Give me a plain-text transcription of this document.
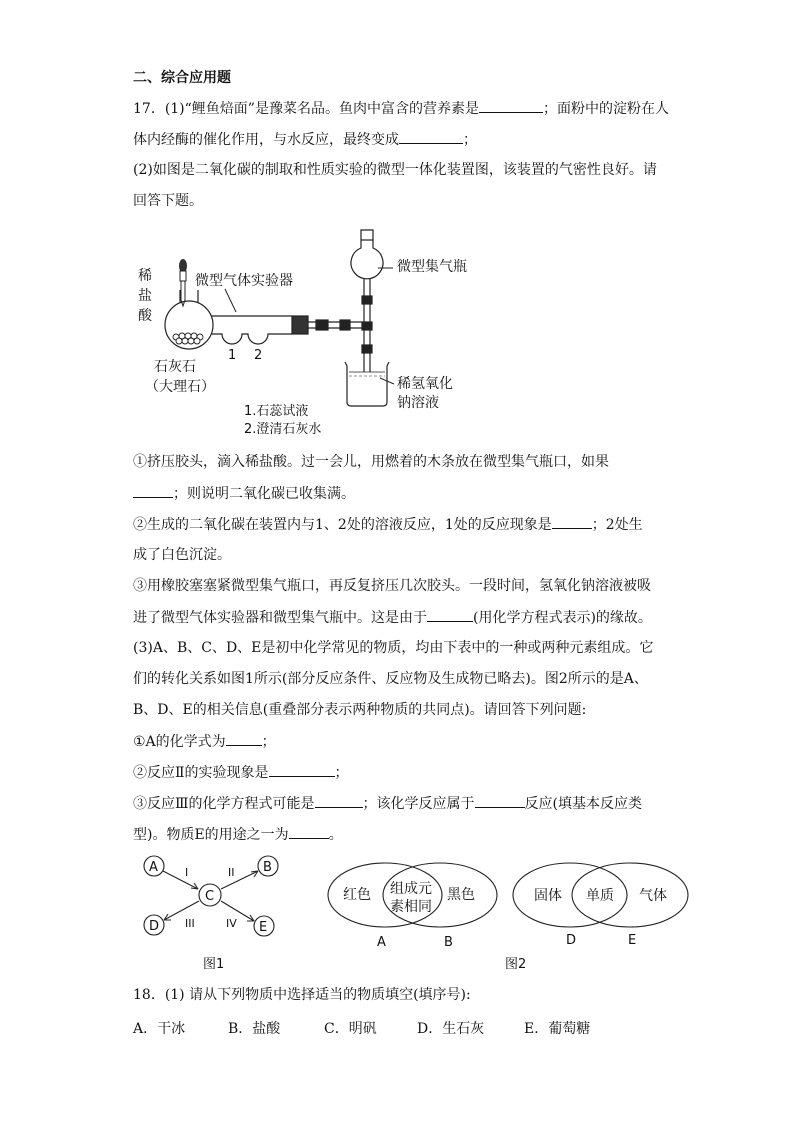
二、综合应用题
17．(1)“鲤鱼焙面”是豫菜名品。鱼肉中富含的营养素是	；面粉中的淀粉在人
体内经酶的催化作用，与水反应，最终变成	；
(2)如图是二氧化碳的制取和性质实验的微型一体化装置图，该装置的气密性良好。请
回答下题。
稀
盐
酸
微型气体实验器
微型集气瓶
稀氢氧化
钠溶液
1 2
石灰石
（大理石）
1.石蕊试液
2.澄清石灰水
A	B
C
D	E
I	II
III	IV
图1
红色 组成元
素相同
黑色
A	B
固体 单质 气体
D	E
图2
①挤压胶头，滴入稀盐酸。过一会儿，用燃着的木条放在微型集气瓶口，如果
；则说明二氧化碳已收集满。
②生成的二氧化碳在装置内与1、2处的溶液反应，1处的反应现象是	；2处生
成了白色沉淀。
③用橡胶塞塞紧微型集气瓶口，再反复挤压几次胶头。一段时间，氢氧化钠溶液被吸
进了微型气体实验器和微型集气瓶中。这是由于	(用化学方程式表示)的缘故。
(3)A、B、C、D、E是初中化学常见的物质，均由下表中的一种或两种元素组成。它
们的转化关系如图1所示(部分反应条件、反应物及生成物已略去)。图2所示的是A、
B、D、E的相关信息(重叠部分表示两种物质的共同点)。请回答下列问题:
①A的化学式为	；
②反应Ⅱ的实验现象是	；
③反应Ⅲ的化学方程式可能是	；该化学反应属于	反应(填基本反应类
型)。物质E的用途之一为	。
18．(1) 请从下列物质中选择适当的物质填空(填序号):
A．干冰	B．盐酸	C．明矾	D．生石灰	E．葡萄糖
